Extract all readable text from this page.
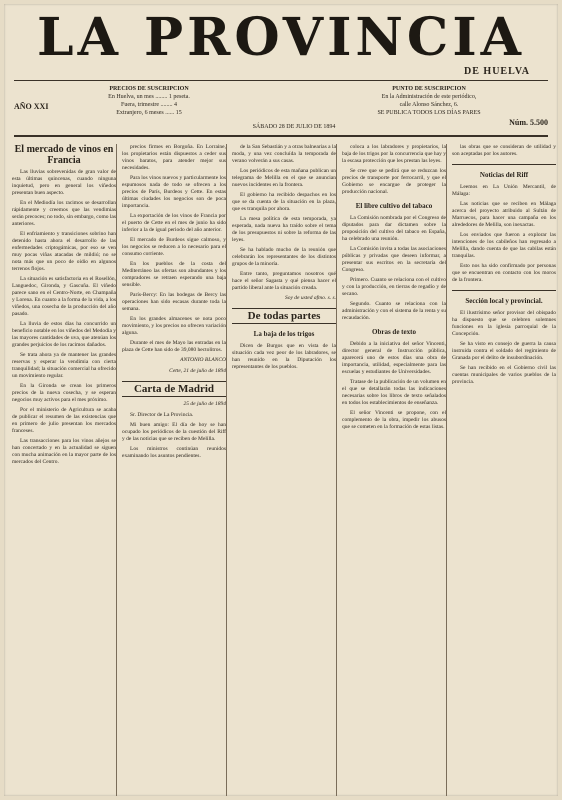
LA PROVINCIA
DE HUELVA
AÑO XXI
PRECIOS DE SUSCRIPCION
En Huelva, un mes ........ 1 peseta.
Fuera, trimestre ........ 4
Extranjero, 6 meses ...... 15
SÁBADO 28 DE JULIO DE 1894
PUNTO DE SUSCRIPCION
En la Administración de este periódico,
calle Alonso Sánchez, 6.
SE PUBLICA TODOS LOS DÍAS PARES
Núm. 5.500

El mercado de vinos en Francia

Las lluvias sobrevenidas de gran valor de esta últimas quincenas, cuando ninguna inquietud, pero en general los viñedos presentan buen aspecto.

En el Mediodía los racimos se desarrollan rápidamente y creemos que las vendimias serán precoces; no todo, sin embargo, como las anteriores.

El enfriamiento y transiciones sobrino han detenido hasta ahora el desarrollo de las enfermedades criptogámicas, por eso se ven muy pocas viñas atacadas de mildiú; no se nota más que un poco de oidio en algunos terrenos flojos.

La situación es satisfactoria en el Rosellón, Languedoc, Gironda, y Gascuña. El viñedo parece sano en el Centro-Norte, en Champaña y Lorena. En cuanto a la forma de la vida, a los viñedos, una cosecha de la producción del año pasado.

La lluvia de estos días ha concurrido un beneficio notable en los viñedos del Medodia y las mayores cantidades de uva, que atenúan los grandes perjuicios de los racimos dañados.

Se trata ahora ya de mantener las grandes reservas y esperar la vendimia con cierta tranquilidad; la situación comercial ha ofrecido un movimiento regular.

En la Gironda se crean los primeros precios de la nueva cosecha, y se esperan negocios muy activos para el mes próximo.

Por el ministerio de Agricultura se acaba de publicar el resumen de las existencias que en primero de julio presentan los mercados franceses.

Las transacciones para los vinos añejos se han concertado y en la actualidad se siguen con mucha animación en la mayor parte de los mercados del Centro.

precios firmes en Borgoña. En Lorraine, los propietarios están dispuestos a ceder sus vinos baratos, para atender mejor sus necesidades.

Para los vinos nuevos y particularmente los espumosos nada de todo se ofrecen a los precios de París, Burdeos y Cette. En estas últimas ciudades los negocios son de poca importancia.

La exportación de los vinos de Francia por el puerto de Cette en el mes de junio ha sido inferior a la de igual periodo del año anterior.

El mercado de Burdeos sigue calmoso, y los negocios se reducen a lo necesario para el consumo corriente.

En los pueblos de la costa del Mediterráneo las ofertas son abundantes y los compradores se retraen esperando una baja sensible.

París-Bercy: En las bodegas de Bercy las operaciones han sido escasas durante toda la semana.

En los grandes almacenes se nota poco movimiento, y los precios no ofrecen variación alguna.

Durante el mes de Mayo las entradas en la plaza de Cette han sido de 39,080 hectolitros.

ANTONIO BLANCO
Cette, 21 de julio de 1894
Carta de Madrid
25 de julio de 1894

Sr. Director de La Provincia.

Mi buen amigo: El día de hoy se han ocupado los periódicos de la cuestión del Riff y de las noticias que se reciben de Melilla.

Los ministros continúan reunidos examinando los asuntos pendientes.

de la San Sebastián y a otras balnearias a la moda, y una vez concluída la temporada de verano volverán a sus casas.

Los periódicos de esta mañana publican un telegrama de Melilla en el que se anuncian nuevos incidentes en la frontera.

El gobierno ha recibido despachos en los que se da cuenta de la situación en la plaza, que es tranquila por ahora.

La mesa política de esta temporada, ya esperada, nada nueva ha traído sobre el tema de los presupuestos ni sobre la reforma de las leyes.

Se ha hablado mucho de la reunión que celebrarán los representantes de los distintos grupos de la minoría.

Entre tanto, preguntamos nosotros qué hace el señor Sagasta y qué piensa hacer el partido liberal ante la situación creada.

Soy de usted afmo. s. s.

De todas partes
La baja de los trigos

Dicen de Burgos que en vista de la situación cada vez peor de los labradores, se han reunido en la Diputación los representantes de los pueblos.

coloca a los labradores y propietarios, la baja de los trigos por la concurrencia que hay y la escasa protección que les prestan las leyes.

Se cree que se pedirá que se reduzcan los precios de transporte por ferrocarril, y que el Gobierno se encargue de proteger la producción nacional.

El libre cultivo del tabaco

La Comisión nombrada por el Congreso de diputados para dar dictamen sobre la proposición del cultivo del tabaco en España, ha celebrado una reunión.

La Comisión invita a todas las asociaciones públicas y privadas que deseen informar, a presentar sus escritos en la secretaría del Congreso.

Primero. Cuanto se relaciona con el cultivo y con la producción, en tierras de regadío y de secano.

Segundo. Cuanto se relaciona con la administración y con el sistema de la renta y su recaudación.

Obras de texto

Debido a la iniciativa del señor Vincenti, director general de Instrucción pública, aparecerá uno de estos días una obra de importancia, utilidad, especialmente para las escuelas y estudiantes de Universidades.

Tratase de la publicación de un volumen en el que se detallarán todas las indicaciones necesarias sobre los libros de texto señalados en todos los establecimientos de enseñanza.

El señor Vincenti se propone, con el complemento de la obra, impedir los abusos que se cometen en la formación de estas listas.

las obras que se consideran de utilidad y son aceptadas por los autores.

Noticias del Riff

Leemos en La Unión Mercantil, de Málaga:

Las noticias que se reciben en Málaga acerca del proyecto atribuido al Sultán de Marruecos, para hacer una campaña en los alrededores de Melilla, son inexactas.

Los enviados que fueron a explorar las intenciones de los cabileños han regresado a Melilla, dando cuenta de que las cabilas están tranquilas.

Esto nos ha sido confirmado por personas que se encuentran en contacto con los moros de la frontera.

Sección local y provincial.

El ilustrísimo señor provisor del obispado ha dispuesto que se celebren solemnes funciones en la iglesia parroquial de la Concepción.

Se ha visto en consejo de guerra la causa instruida contra el soldado del regimiento de Granada por el delito de insubordinación.

Se han recibido en el Gobierno civil las cuentas municipales de varios pueblos de la provincia.
